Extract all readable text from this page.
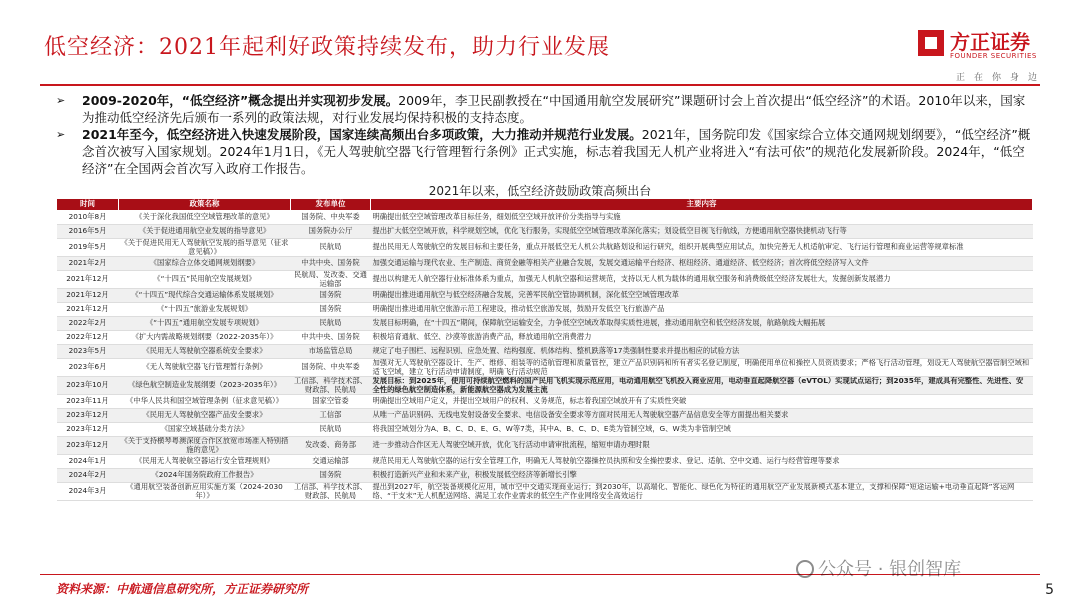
低空经济：2021年起利好政策持续发布，助力行业发展	方正证券
FOUNDER SECURITIES
正在你身边
➢ 2009-2020年，“低空经济”概念提出并实现初步发展。2009年，李卫民副教授在“中国通用航空发展研究”课题研讨会上首次提出“低空经济”的术语。2010年以来，国家为推动低空经济先后颁布一系列的政策法规，对行业发展均保持积极的支持态度。
➢ 2021年至今，低空经济进入快速发展阶段，国家连续高频出台多项政策，大力推动并规范行业发展。2021年，国务院印发《国家综合立体交通网规划纲要》，“低空经济”概念首次被写入国家规划。2024年1月1日，《无人驾驶航空器飞行管理暂行条例》正式实施，标志着我国无人机产业将进入“有法可依”的规范化发展新阶段。2024年，“低空经济”在全国两会首次写入政府工作报告。
2021年以来，低空经济鼓励政策高频出台
时间	政策名称	发布单位	主要内容
2010年8月	《关于深化我国低空空域管理改革的意见》	国务院、中央军委	明确提出低空空域管理改革目标任务，细划低空空域开放评价分类指导与实施
2016年5月	《关于促进通用航空业发展的指导意见》	国务院办公厅	提出扩大低空空域开放，科学规划空域，优化飞行服务，实现低空空域管理改革深化落实；划设低空目视飞行航线，方便通用航空器快捷机动飞行等
2019年5月	《关于促进民用无人驾驶航空发展的指导意见（征求意见稿）》	民航局	提出民用无人驾驶航空的发展目标和主要任务，重点开展低空无人机公共航路划设和运行研究，组织开展典型应用试点，加快完善无人机适航审定、飞行运行管理和商业运营等规章标准
2021年2月	《国家综合立体交通网规划纲要》	中共中央、国务院	加强交通运输与现代农业、生产制造、商贸金融等相关产业融合发展，发展交通运输平台经济、枢纽经济、通道经济、低空经济；首次将低空经济写入文件
2021年12月	《“十四五”民用航空发展规划》	民航局、发改委、交通运输部	提出以构建无人航空器行业标准体系为重点，加强无人机航空器和运营规范，支持以无人机为载体的通用航空服务和消费级低空经济发展壮大，发掘创新发展潜力
2021年12月	《“十四五”现代综合交通运输体系发展规划》	国务院	明确提出推进通用航空与低空经济融合发展，完善军民航空管协调机制，深化低空空域管理改革
2021年12月	《“十四五”旅游业发展规划》	国务院	明确提出推进通用航空旅游示范工程建设，推动低空旅游发展，鼓励开发低空飞行旅游产品
2022年2月	《“十四五”通用航空发展专项规划》	民航局	发展目标明确，在“十四五”期间，保障航空运输安全，力争低空空域改革取得实质性进展，推动通用航空和低空经济发展，航路航线大幅拓展
2022年12月	《扩大内需战略规划纲要（2022-2035年）》	中共中央、国务院	积极培育通航、低空、沙漠等旅游消费产品，释放通用航空消费潜力
2023年5月	《民用无人驾驶航空器系统安全要求》	市场监管总局	规定了电子围栏、远程识别、应急处置、结构强度、机体结构、整机跌落等17类强制性要求并提出相应的试验方法
2023年6月	《无人驾驶航空器飞行管理暂行条例》	国务院、中央军委	加强对无人驾驶航空器设计、生产、维修、组装等的适航管理和质量管控，建立产品识别码和所有者实名登记制度，明确使用单位和操控人员资质要求；严格飞行活动管理，划设无人驾驶航空器管制空域和适飞空域，建立飞行活动申请制度，明确飞行活动规范
2023年10月	《绿色航空制造业发展纲要（2023-2035年）》	工信部、科学技术部、财政部、民航局	发展目标：到2025年，使用可持续航空燃料的国产民用飞机实现示范应用，电动通用航空飞机投入商业应用，电动垂直起降航空器（eVTOL）实现试点运行；到2035年，建成具有完整性、先进性、安全性的绿色航空制造体系，新能源航空器成为发展主流
2023年11月	《中华人民共和国空域管理条例（征求意见稿）》	国家空管委	明确提出空域用户定义，并提出空域用户的权利、义务规范，标志着我国空域放开有了实质性突破
2023年12月	《民用无人驾驶航空器产品安全要求》	工信部	从唯一产品识别码、无线电发射设备安全要求、电信设备安全要求等方面对民用无人驾驶航空器产品信息安全等方面提出相关要求
2023年12月	《国家空域基础分类方法》	民航局	将我国空域划分为A、B、C、D、E、G、W等7类，其中A、B、C、D、E类为管制空域，G、W类为非管制空域
2023年12月	《关于支持横琴粤澳深度合作区放宽市场准入特别措施的意见》	发改委、商务部	进一步推动合作区无人驾驶空域开放，优化飞行活动申请审批流程，缩短申请办理时限
2024年1月	《民用无人驾驶航空器运行安全管理规则》	交通运输部	规范民用无人驾驶航空器的运行安全管理工作，明确无人驾驶航空器操控员执照和安全操控要求、登记、适航、空中交通、运行与经营管理等要求
2024年2月	《2024年国务院政府工作报告》	国务院	积极打造新兴产业和未来产业，积极发展低空经济等新增长引擎
2024年3月	《通用航空装备创新应用实施方案（2024-2030年）》	工信部、科学技术部、财政部、民航局	提出到2027年，航空装备规模化应用，城市空中交通实现商业运行；到2030年，以高端化、智能化、绿色化为特征的通用航空产业发展新模式基本建立，支撑和保障“短途运输+电动垂直起降”客运网络、“干支末”无人机配送网络、满足工农作业需求的低空生产作业网络安全高效运行
资料来源：中航通信息研究所，方正证券研究所
公众号 · 银创智库
5
